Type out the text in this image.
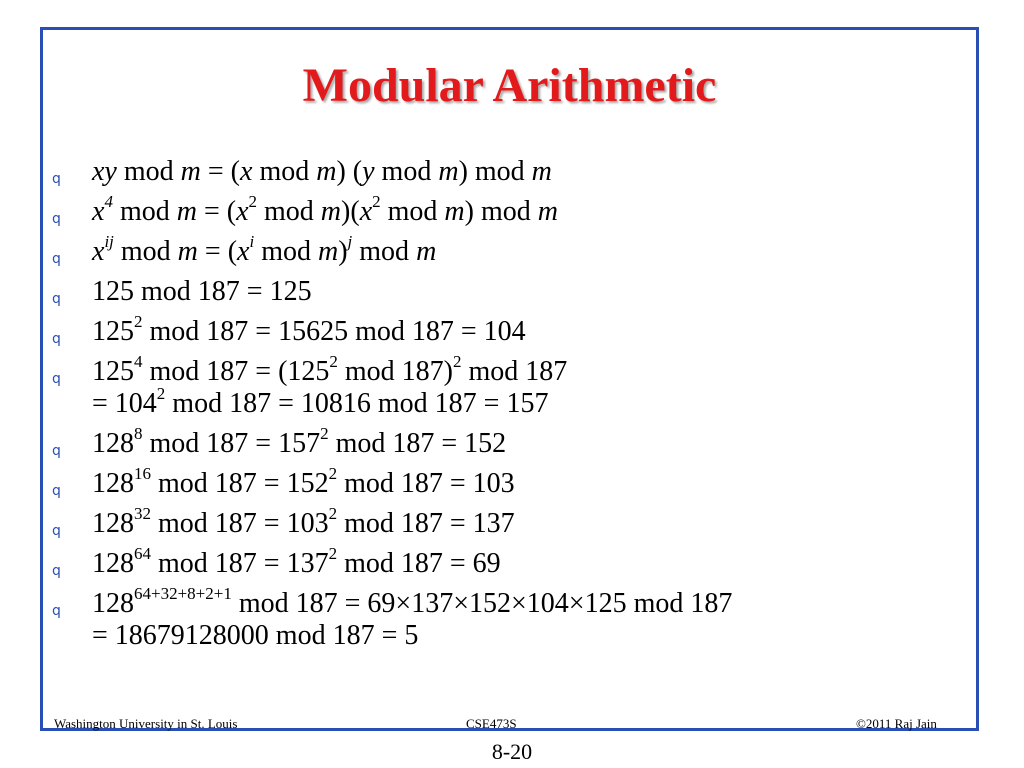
Modular Arithmetic
q xy mod m = (x mod m) (y mod m) mod m
q $x^4$ mod $m = (x^2$ mod $m)(x^2$ mod m) mod m
q $x^{ij}$ mod $m = (x^i$ mod m)$^j$ mod m
q 125 mod 187 = 125
q $125^2$ mod 187 = 15625 mod 187 = 104
q $125^4$ mod $187 = (125^2$ mod 187)$^2$ mod 187
= $104^2$ mod 187 = 10816 mod 187 = 157
q $128^8$ mod $187 = 157^2$ mod 187 = 152
q $128^{16}$ mod $187 = 152^2$ mod 187 = 103
q $128^{32}$ mod $187 = 103^2$ mod 187 = 137
q $128^{64}$ mod $187 = 137^2$ mod 187 = 69
q $128^{64+32+8+2+1}$ mod 187 = 69×137×152×104×125 mod 187
= 18679128000 mod 187 = 5
Washington University in St. Louis	CSE473S	©2011 Raj Jain
8-20
